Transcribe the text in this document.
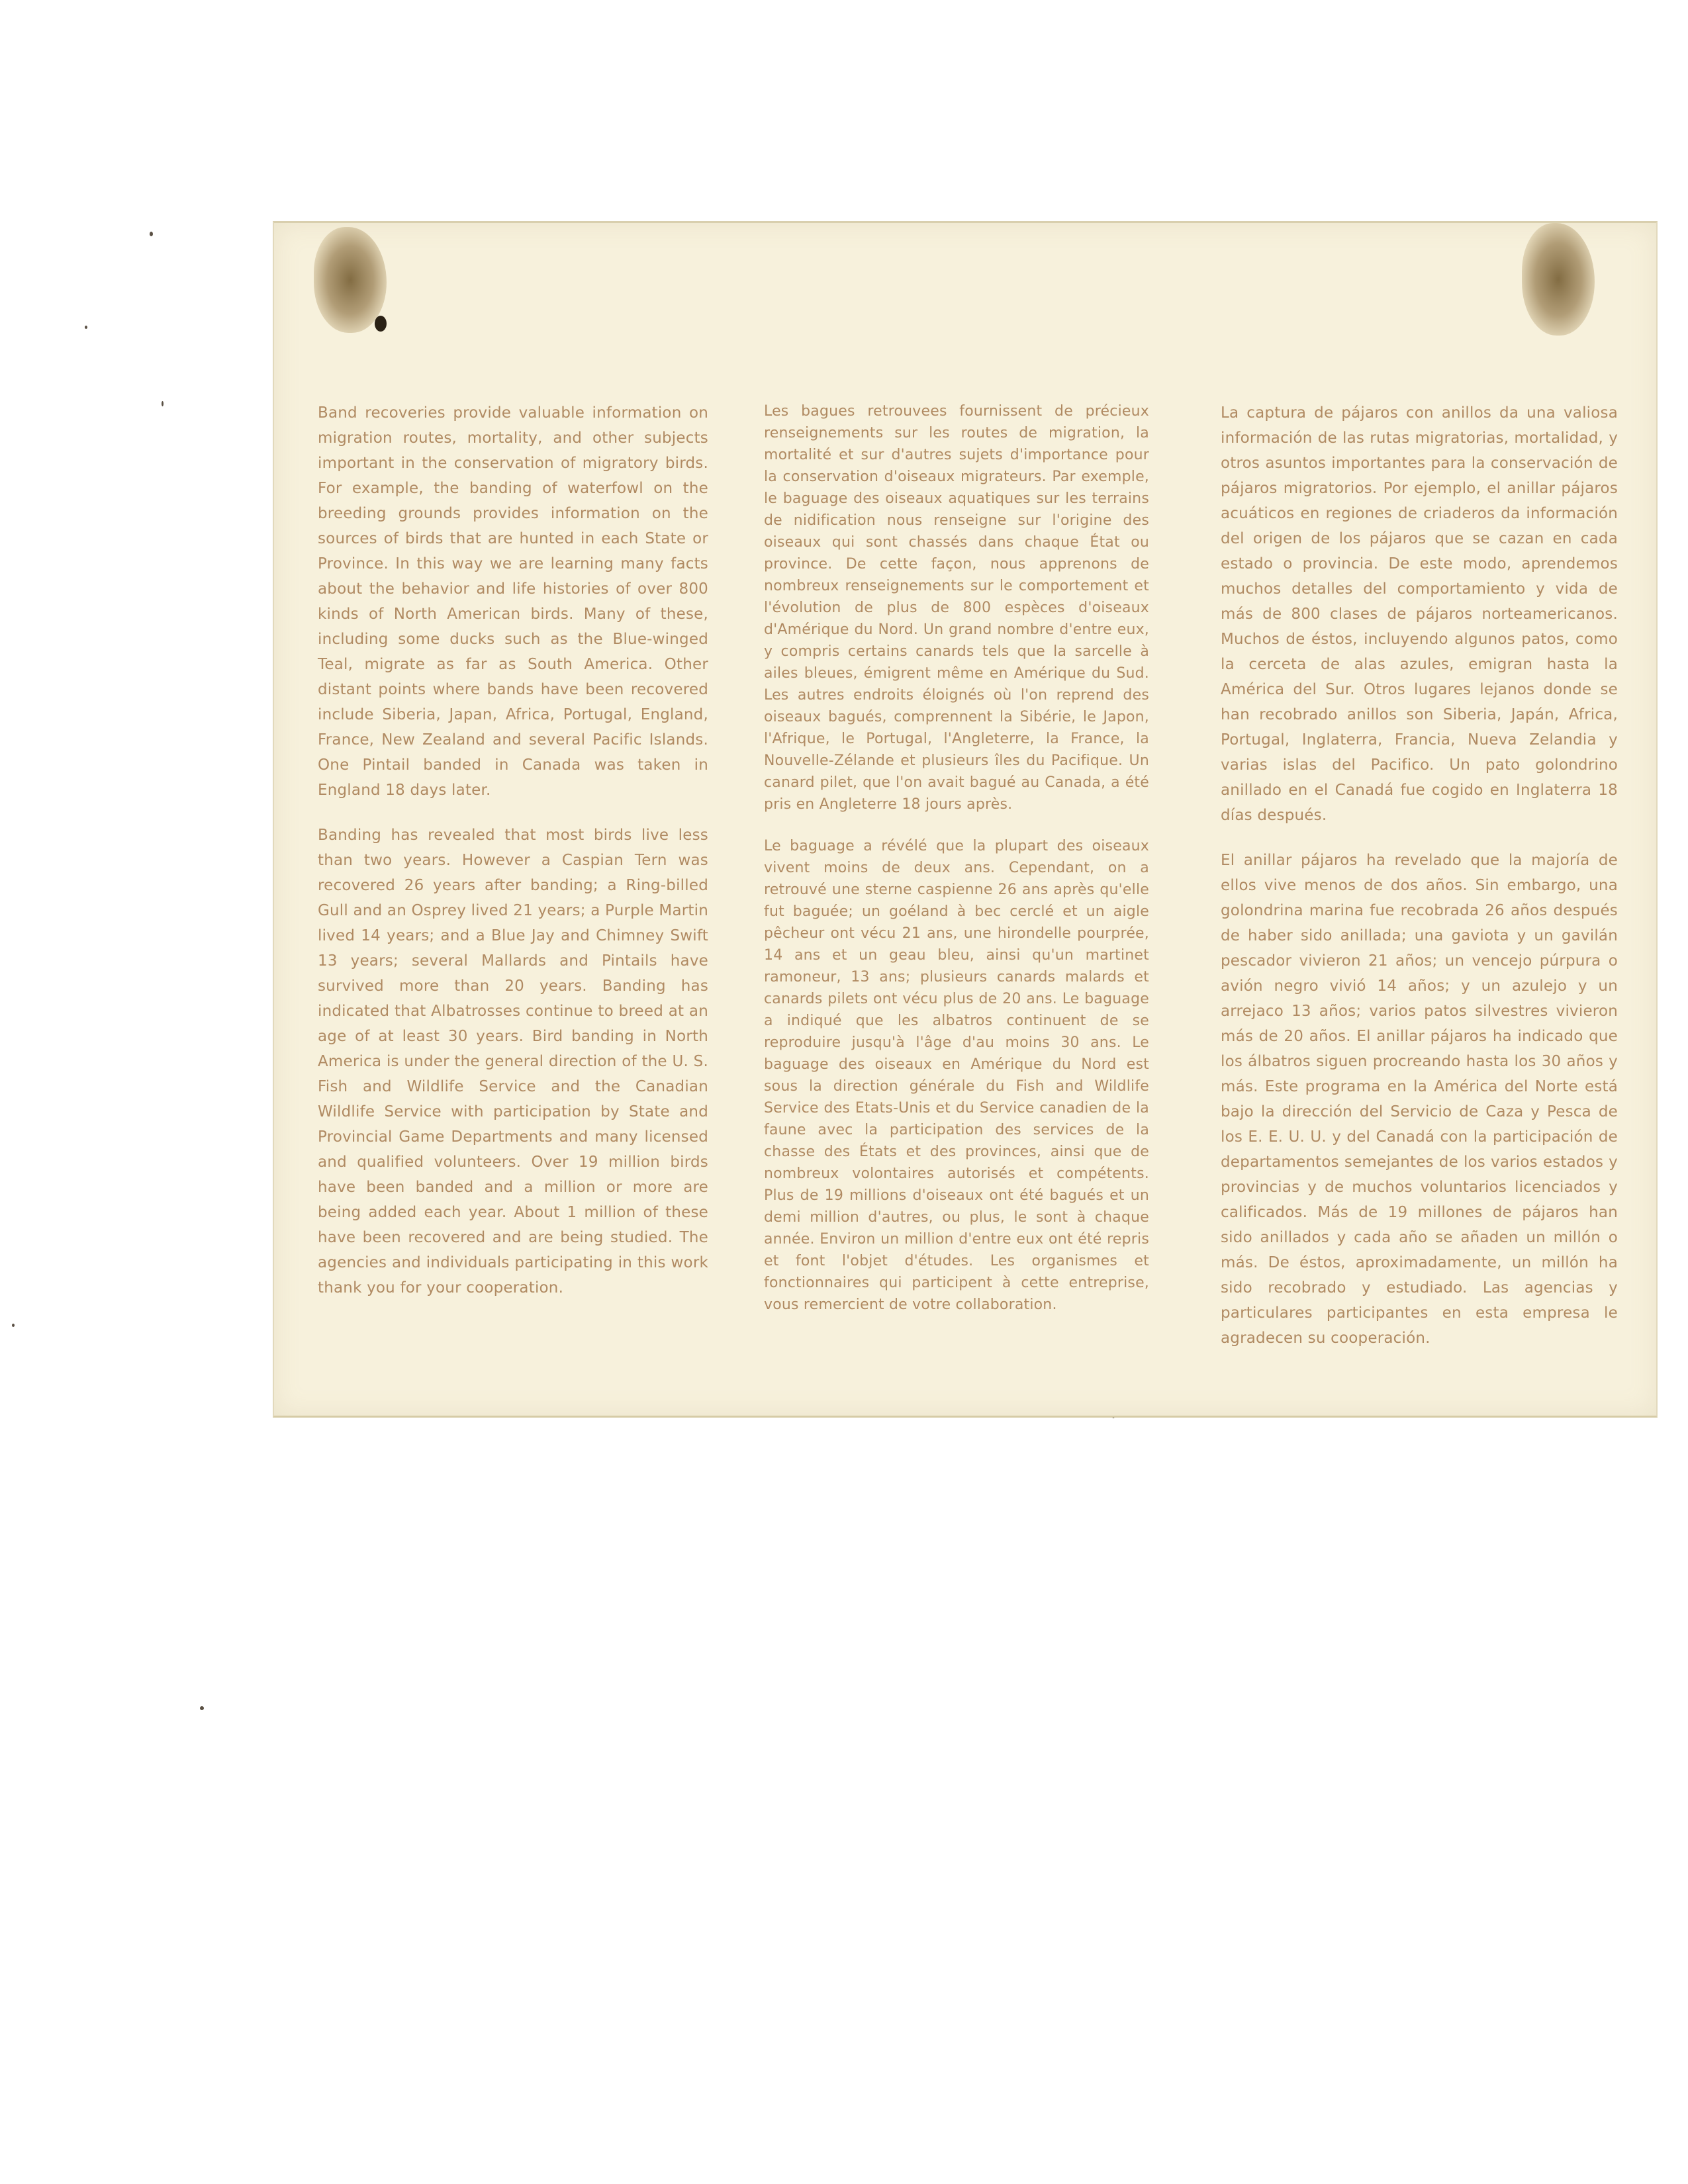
Band recoveries provide valuable information on migration routes, mortality, and other subjects important in the conservation of migratory birds. For example, the banding of waterfowl on the breeding grounds provides information on the sources of birds that are hunted in each State or Province. In this way we are learning many facts about the behavior and life histories of over 800 kinds of North American birds. Many of these, including some ducks such as the Blue-winged Teal, migrate as far as South America. Other distant points where bands have been recovered include Siberia, Japan, Africa, Portugal, England, France, New Zealand and several Pacific Islands. One Pintail banded in Canada was taken in England 18 days later.

Banding has revealed that most birds live less than two years. However a Caspian Tern was recovered 26 years after banding; a Ring-billed Gull and an Osprey lived 21 years; a Purple Martin lived 14 years; and a Blue Jay and Chimney Swift 13 years; several Mallards and Pintails have survived more than 20 years. Banding has indicated that Albatrosses continue to breed at an age of at least 30 years. Bird banding in North America is under the general direction of the U. S. Fish and Wildlife Service and the Canadian Wildlife Service with participation by State and Provincial Game Departments and many licensed and qualified volunteers. Over 19 million birds have been banded and a million or more are being added each year. About 1 million of these have been recovered and are being studied. The agencies and individuals participating in this work thank you for your cooperation.

Les bagues retrouvees fournissent de précieux renseignements sur les routes de migration, la mortalité et sur d'autres sujets d'importance pour la conservation d'oiseaux migrateurs. Par exemple, le baguage des oiseaux aquatiques sur les terrains de nidification nous renseigne sur l'origine des oiseaux qui sont chassés dans chaque État ou province. De cette façon, nous apprenons de nombreux renseignements sur le comportement et l'évolution de plus de 800 espèces d'oiseaux d'Amérique du Nord. Un grand nombre d'entre eux, y compris certains canards tels que la sarcelle à ailes bleues, émigrent même en Amérique du Sud. Les autres endroits éloignés où l'on reprend des oiseaux bagués, comprennent la Sibérie, le Japon, l'Afrique, le Portugal, l'Angleterre, la France, la Nouvelle-Zélande et plusieurs îles du Pacifique. Un canard pilet, que l'on avait bagué au Canada, a été pris en Angleterre 18 jours après.

Le baguage a révélé que la plupart des oiseaux vivent moins de deux ans. Cependant, on a retrouvé une sterne caspienne 26 ans après qu'elle fut baguée; un goéland à bec cerclé et un aigle pêcheur ont vécu 21 ans, une hirondelle pourprée, 14 ans et un geau bleu, ainsi qu'un martinet ramoneur, 13 ans; plusieurs canards malards et canards pilets ont vécu plus de 20 ans. Le baguage a indiqué que les albatros continuent de se reproduire jusqu'à l'âge d'au moins 30 ans. Le baguage des oiseaux en Amérique du Nord est sous la direction générale du Fish and Wildlife Service des Etats-Unis et du Service canadien de la faune avec la participation des services de la chasse des États et des provinces, ainsi que de nombreux volontaires autorisés et compétents. Plus de 19 millions d'oiseaux ont été bagués et un demi million d'autres, ou plus, le sont à chaque année. Environ un million d'entre eux ont été repris et font l'objet d'études. Les organismes et fonctionnaires qui participent à cette entreprise, vous remercient de votre collaboration.

La captura de pájaros con anillos da una valiosa información de las rutas migratorias, mortalidad, y otros asuntos importantes para la conservación de pájaros migratorios. Por ejemplo, el anillar pájaros acuáticos en regiones de criaderos da información del origen de los pájaros que se cazan en cada estado o provincia. De este modo, aprendemos muchos detalles del comportamiento y vida de más de 800 clases de pájaros norteamericanos. Muchos de éstos, incluyendo algunos patos, como la cerceta de alas azules, emigran hasta la América del Sur. Otros lugares lejanos donde se han recobrado anillos son Siberia, Japán, Africa, Portugal, Inglaterra, Francia, Nueva Zelandia y varias islas del Pacifico. Un pato golondrino anillado en el Canadá fue cogido en Inglaterra 18 días después.

El anillar pájaros ha revelado que la majoría de ellos vive menos de dos años. Sin embargo, una golondrina marina fue recobrada 26 años después de haber sido anillada; una gaviota y un gavilán pescador vivieron 21 años; un vencejo púrpura o avión negro vivió 14 años; y un azulejo y un arrejaco 13 años; varios patos silvestres vivieron más de 20 años. El anillar pájaros ha indicado que los álbatros siguen procreando hasta los 30 años y más. Este programa en la América del Norte está bajo la dirección del Servicio de Caza y Pesca de los E. E. U. U. y del Canadá con la participación de departamentos semejantes de los varios estados y provincias y de muchos voluntarios licenciados y calificados. Más de 19 millones de pájaros han sido anillados y cada año se añaden un millón o más. De éstos, aproximadamente, un millón ha sido recobrado y estudiado. Las agencias y particulares participantes en esta empresa le agradecen su cooperación.
